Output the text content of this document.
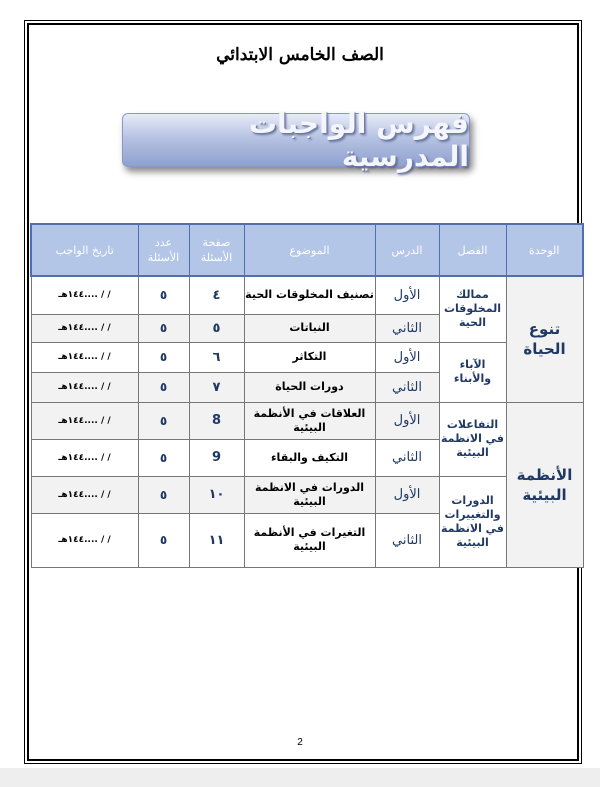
الصف الخامس الابتدائي
فهرس الواجبات المدرسية
الوحدة	الفصل	الدرس	الموضوع	صفحة الأسئلة	عدد الأسئلة	تاريخ الواجب
تنوع الحياة	ممالك المخلوقات الحية	الأول	تصنيف المخلوقات الحية	٤	٥	/ / ....١٤٤هـ
		الثاني	النباتات	٥	٥	/ / ....١٤٤هـ
	الآباء والأبناء	الأول	التكاثر	٦	٥	/ / ....١٤٤هـ
		الثاني	دورات الحياة	٧	٥	/ / ....١٤٤هـ
الأنظمة البيئية	التفاعلات في الانظمة البيئية	الأول	العلاقات في الأنظمة البيئية	8	٥	/ / ....١٤٤هـ
		الثاني	التكيف والبقاء	9	٥	/ / ....١٤٤هـ
	الدورات والتغييرات في الانظمة البيئية	الأول	الدورات في الانظمة البيئية	١٠	٥	/ / ....١٤٤هـ
		الثاني	التغيرات في الأنظمة البيئية	١١	٥	/ / ....١٤٤هـ
2
